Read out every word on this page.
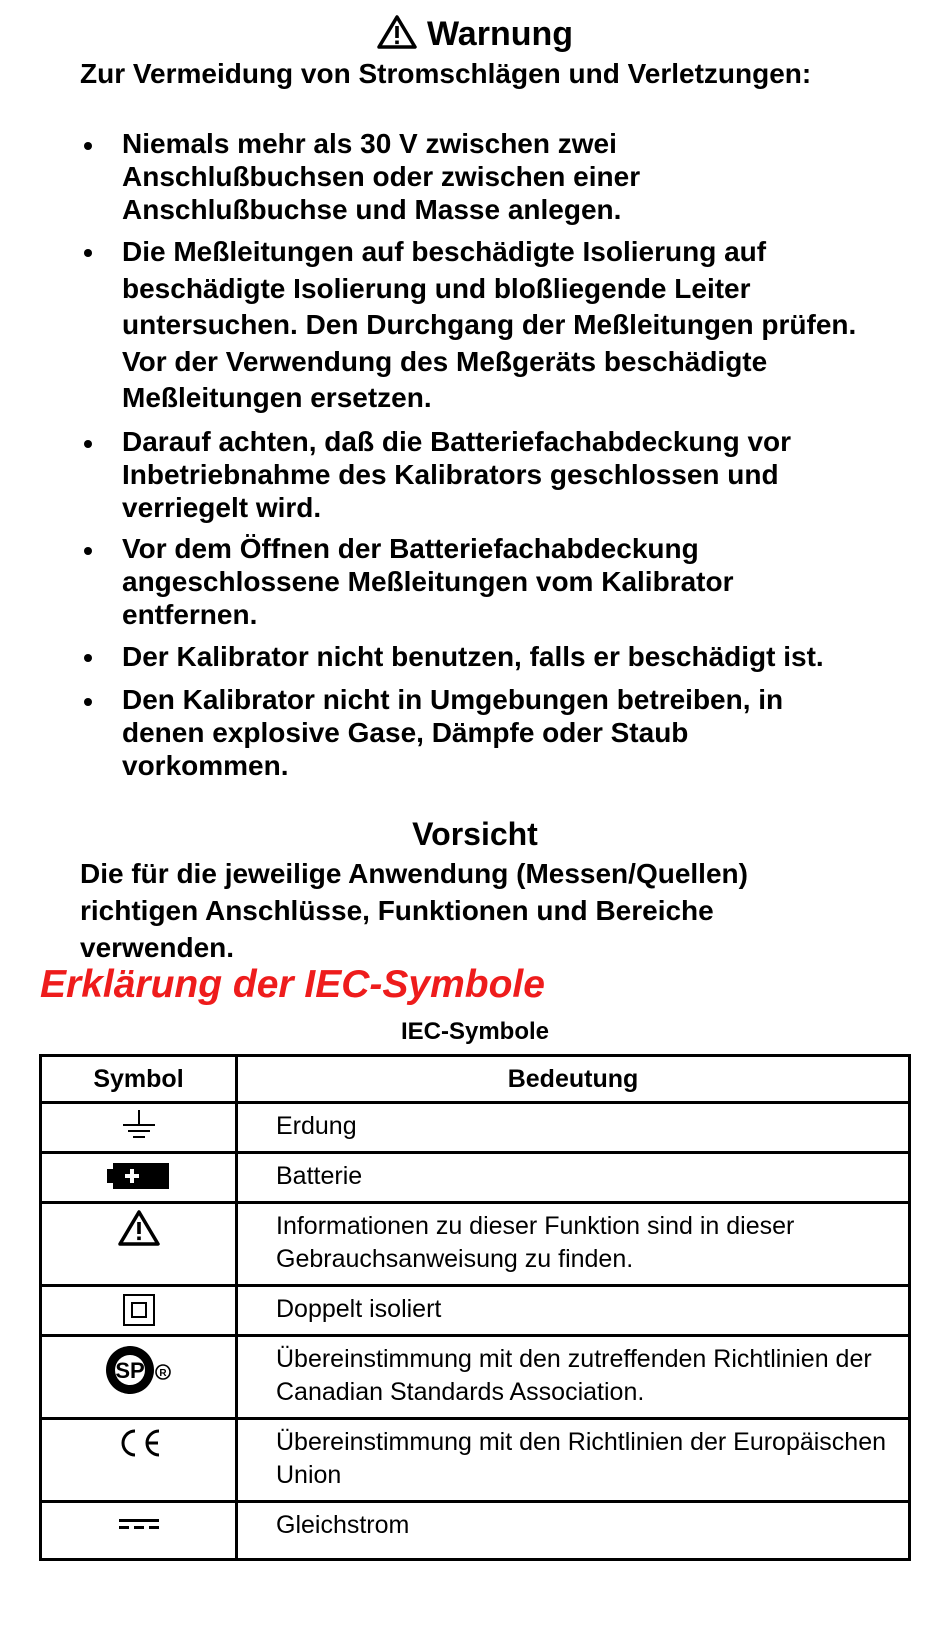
Warnung
Zur Vermeidung von Stromschlägen und Verletzungen:
Niemals mehr als 30 V zwischen zwei Anschlußbuchsen oder zwischen einer Anschlußbuchse und Masse anlegen.
Die Meßleitungen auf beschädigte Isolierung auf beschädigte Isolierung und bloßliegende Leiter untersuchen. Den Durchgang der Meßleitungen prüfen. Vor der Verwendung des Meßgeräts beschädigte Meßleitungen ersetzen.
Darauf achten, daß die Batteriefachabdeckung vor Inbetriebnahme des Kalibrators geschlossen und verriegelt wird.
Vor dem Öffnen der Batteriefachabdeckung angeschlossene Meßleitungen vom Kalibrator entfernen.
Der Kalibrator nicht benutzen, falls er beschädigt ist.
Den Kalibrator nicht in Umgebungen betreiben, in denen explosive Gase, Dämpfe oder Staub vorkommen.
Vorsicht
Die für die jeweilige Anwendung (Messen/Quellen) richtigen Anschlüsse, Funktionen und Bereiche verwenden.
Erklärung der IEC-Symbole
IEC-Symbole
Symbol	Bedeutung
	Erdung
	Batterie
	Informationen zu dieser Funktion sind in dieser Gebrauchsanweisung zu finden.
	Doppelt isoliert

SP R	Übereinstimmung mit den zutreffenden Richtlinien der Canadian Standards Association.
	Übereinstimmung mit den Richtlinien der Europäischen Union
	Gleichstrom
